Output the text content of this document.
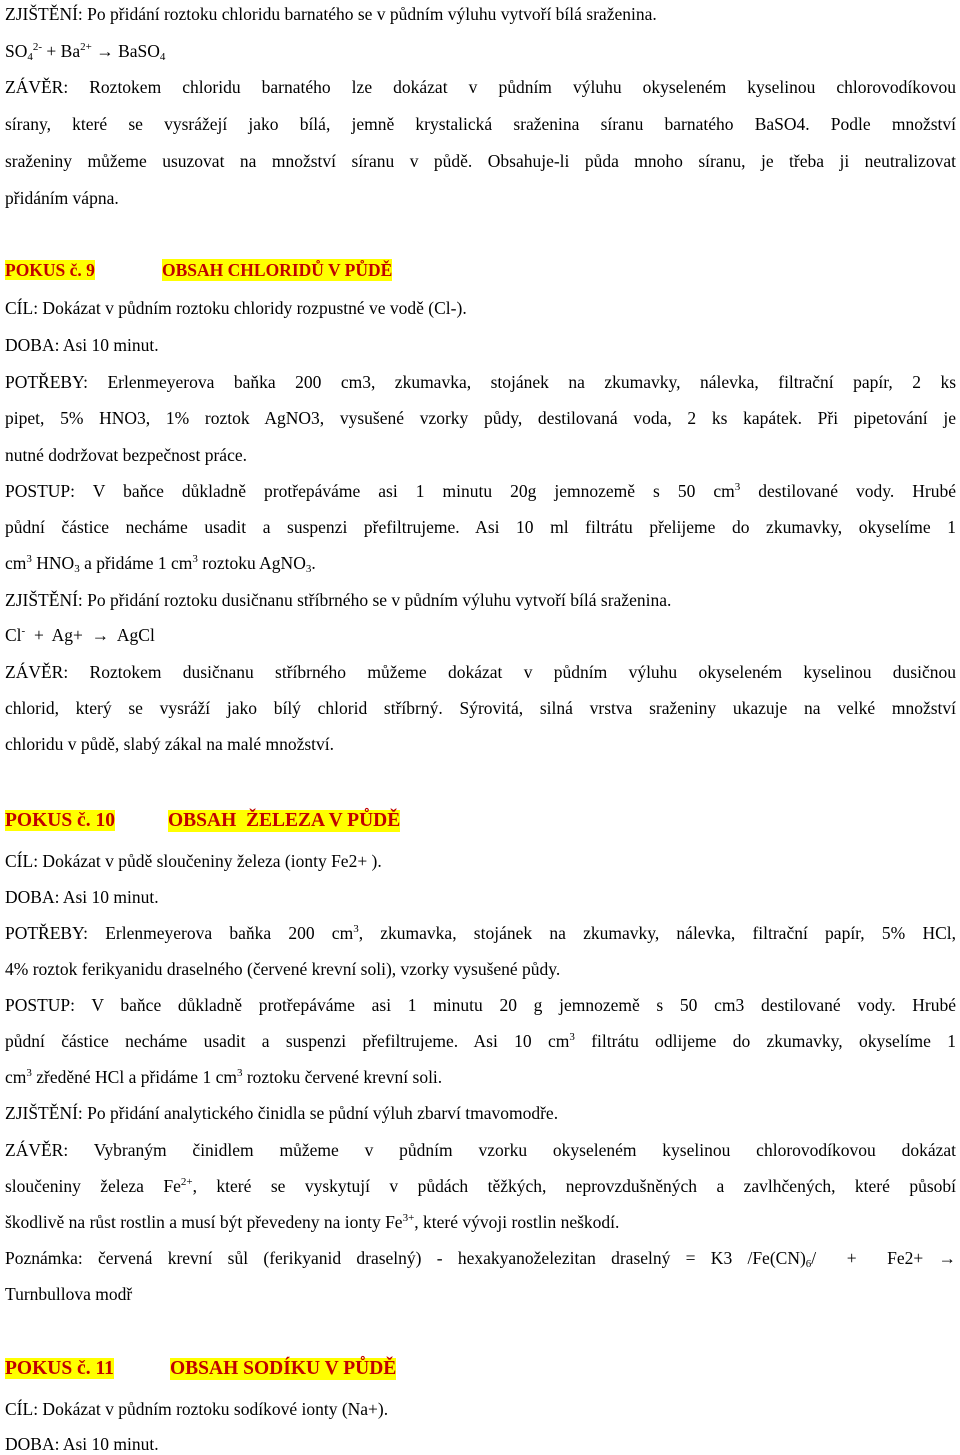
ZJIŠTĚNÍ: Po přidání roztoku chloridu barnatého se v půdním výluhu vytvoří bílá sraženina.
$SO_4^{2-} + Ba^{2+}$ → BaSO$_4$
ZÁVĚR: Roztokem chloridu barnatého lze dokázat v půdním výluhu okyseleném kyselinou chlorovodíkovou
sírany, které se vysrážejí jako bílá, jemně krystalická sraženina síranu barnatého BaSO4. Podle množství
sraženiny můžeme usuzovat na množství síranu v půdě. Obsahuje-li půda mnoho síranu, je třeba ji neutralizovat
přidáním vápna.
POKUS č. 9	OBSAH CHLORIDŮ V PŮDĚ
CÍL: Dokázat v půdním roztoku chloridy rozpustné ve vodě (Cl-).
DOBA: Asi 10 minut.
POTŘEBY: Erlenmeyerova baňka 200 cm3, zkumavka, stojánek na zkumavky, nálevka, filtrační papír, 2 ks
pipet, 5% HNO3, 1% roztok AgNO3, vysušené vzorky půdy, destilovaná voda, 2 ks kapátek. Při pipetování je
nutné dodržovat bezpečnost práce.
POSTUP: V baňce důkladně protřepáváme asi 1 minutu 20g jemnozemě s 50 $cm^3$ destilované vody. Hrubé
půdní částice necháme usadit a suspenzi přefiltrujeme. Asi 10 ml filtrátu přelijeme do zkumavky, okyselíme 1
$cm^3$ $HNO_3$ a přidáme 1 $cm^3$ roztoku AgNO$_3$.
ZJIŠTĚNÍ: Po přidání roztoku dusičnanu stříbrného se v půdním výluhu vytvoří bílá sraženina.
Cl-  +  Ag+  →  AgCl
ZÁVĚR: Roztokem dusičnanu stříbrného můžeme dokázat v půdním výluhu okyseleném kyselinou dusičnou
chlorid, který se vysráží jako bílý chlorid stříbrný. Sýrovitá, silná vrstva sraženiny ukazuje na velké množství
chloridu v půdě, slabý zákal na malé množství.
POKUS č. 10	OBSAH  ŽELEZA V PŮDĚ
CÍL: Dokázat v půdě sloučeniny železa (ionty Fe2+ ).
DOBA: Asi 10 minut.
POTŘEBY: Erlenmeyerova baňka 200 $cm^3$, zkumavka, stojánek na zkumavky, nálevka, filtrační papír, 5% HCl,
4% roztok ferikyanidu draselného (červené krevní soli), vzorky vysušené půdy.
POSTUP: V baňce důkladně protřepáváme asi 1 minutu 20 g jemnozemě s 50 cm3 destilované vody. Hrubé
půdní částice necháme usadit a suspenzi přefiltrujeme. Asi 10 $cm^3$ filtrátu odlijeme do zkumavky, okyselíme 1
$cm^3$ zředěné HCl a přidáme 1 $cm^3$ roztoku červené krevní soli.
ZJIŠTĚNÍ: Po přidání analytického činidla se půdní výluh zbarví tmavomodře.
ZÁVĚR: Vybraným činidlem můžeme v půdním vzorku okyseleném kyselinou chlorovodíkovou dokázat
sloučeniny železa $Fe^{2+}$, které se vyskytují v půdách těžkých, neprovzdušněných a zavlhčených, které působí
škodlivě na růst rostlin a musí být převedeny na ionty $Fe^{3+}$, které vývoji rostlin neškodí.
Poznámka: červená krevní sůl (ferikyanid draselný) - hexakyanoželezitan draselný = K3 $/Fe(CN)_6/ + Fe2+$ →
Turnbullova modř
POKUS č. 11	OBSAH SODÍKU V PŮDĚ
CÍL: Dokázat v půdním roztoku sodíkové ionty (Na+).
DOBA: Asi 10 minut.
